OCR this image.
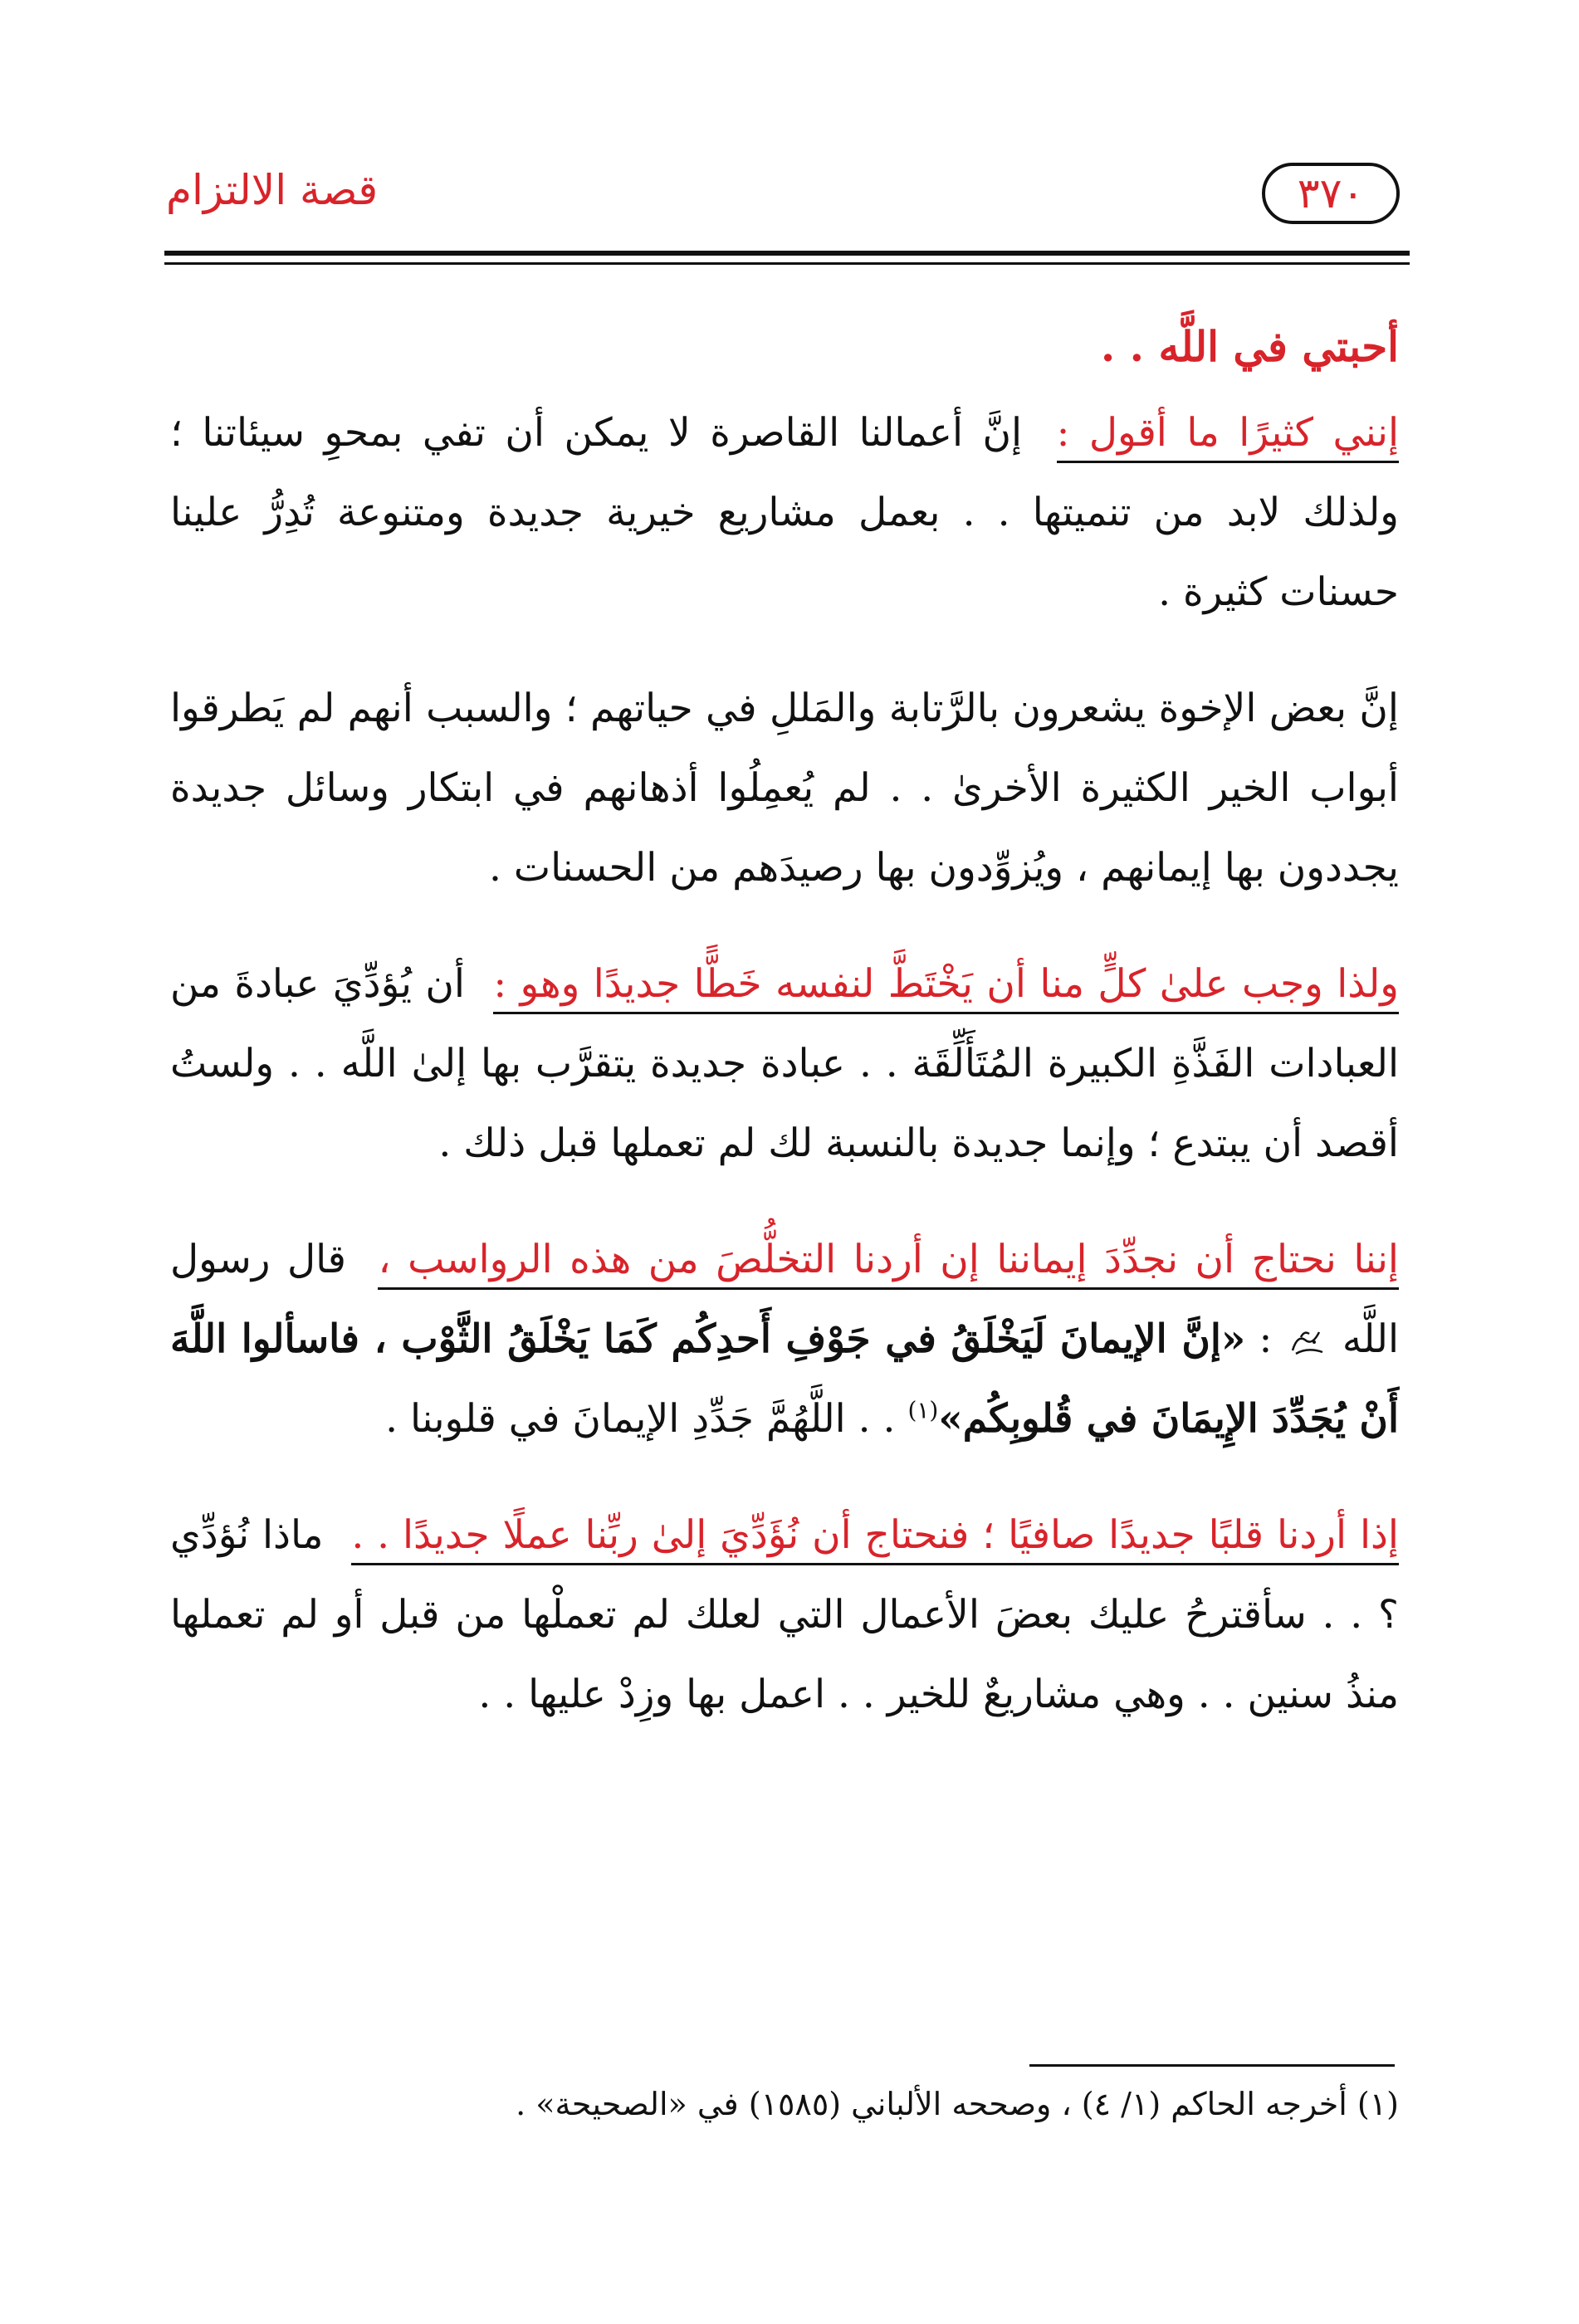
قصة الالتزام	٣٧٠

أحبتي في اللَّه . .

إنني كثيرًا ما أقول : إنَّ أعمالنا القاصرة لا يمكن أن تفي بمحوِ سيئاتنا ؛ ولذلك لابد من تنميتها . . بعمل مشاريع خيرية جديدة ومتنوعة تُدِرُّ علينا حسنات كثيرة .

إنَّ بعض الإخوة يشعرون بالرَّتابة والمَللِ في حياتهم ؛ والسبب أنهم لم يَطرقوا أبواب الخير الكثيرة الأخرىٰ . . لم يُعمِلُوا أذهانهم في ابتكار وسائل جديدة يجددون بها إيمانهم ، ويُزوِّدون بها رصيدَهم من الحسنات .

ولذا وجب علىٰ كلٍّ منا أن يَخْتَطَّ لنفسه خَطًّا جديدًا وهو : أن يُؤدِّيَ عبادةَ من العبادات الفَذَّةِ الكبيرة المُتَأَلِّقَة . . عبادة جديدة يتقرَّب بها إلىٰ اللَّه . . ولستُ أقصد أن يبتدع ؛ وإنما جديدة بالنسبة لك لم تعملها قبل ذلك .

إننا نحتاج أن نجدِّدَ إيماننا إن أردنا التخلُّصَ من هذه الرواسب ، قال رسول اللَّه  : «إنَّ الإيمانَ لَيَخْلَقُ في جَوْفِ أَحدِكُم كَمَا يَخْلَقُ الثَّوْب ، فاسألوا اللَّهَ أَنْ يُجَدِّدَ الإِيمَانَ في قُلوبِكُم»$^{(١)}$ . . اللَّهُمَّ جَدِّدِ الإيمانَ في قلوبنا .

إذا أردنا قلبًا جديدًا صافيًا ؛ فنحتاج أن نُؤَدِّيَ إلىٰ ربِّنا عملًا جديدًا . . ماذا نُؤدِّي ؟ . . سأقترحُ عليك بعضَ الأعمال التي لعلك لم تعملْها من قبل أو لم تعملها منذُ سنين . . وهي مشاريعٌ للخير . . اعمل بها وزِدْ عليها . .

(١) أخرجه الحاكم (١/ ٤) ، وصححه الألباني (١٥٨٥) في «الصحيحة» .
